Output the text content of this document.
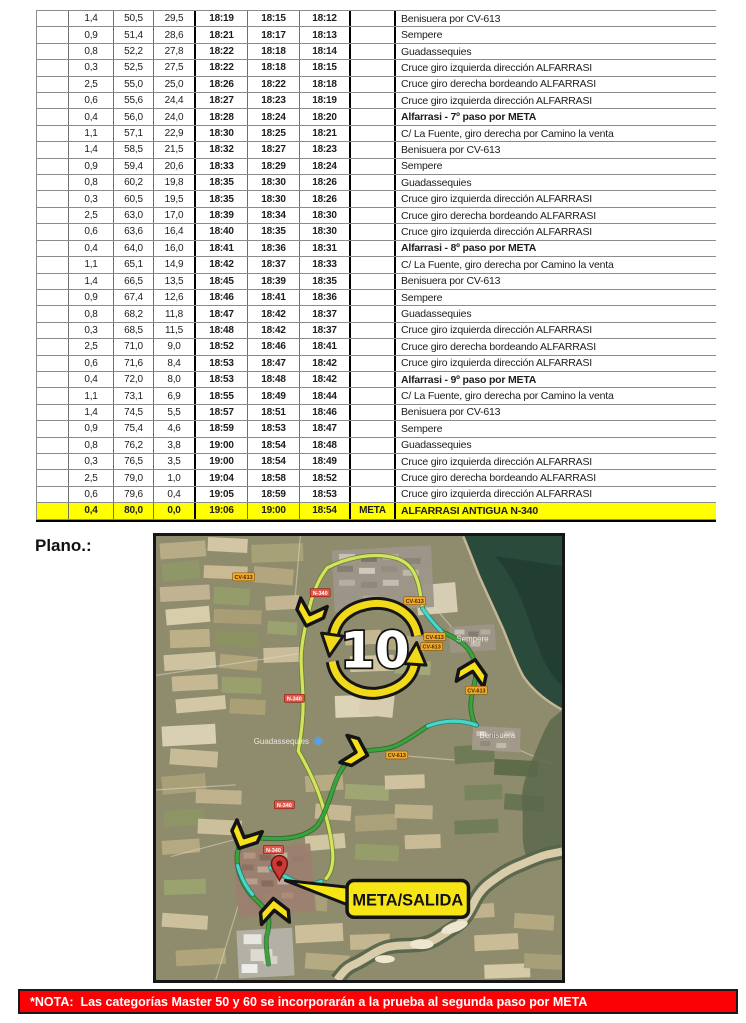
1,4	50,5	29,5	18:19	18:15	18:12	Benisuera por CV-613
0,9	51,4	28,6	18:21	18:17	18:13	Sempere
0,8	52,2	27,8	18:22	18:18	18:14	Guadassequies
0,3	52,5	27,5	18:22	18:18	18:15	Cruce giro izquierda dirección ALFARRASI
2,5	55,0	25,0	18:26	18:22	18:18	Cruce giro derecha bordeando ALFARRASI
0,6	55,6	24,4	18:27	18:23	18:19	Cruce giro izquierda dirección ALFARRASI
0,4	56,0	24,0	18:28	18:24	18:20	Alfarrasi - 7º paso por META
1,1	57,1	22,9	18:30	18:25	18:21	C/ La Fuente, giro derecha por Camino la venta
1,4	58,5	21,5	18:32	18:27	18:23	Benisuera por CV-613
0,9	59,4	20,6	18:33	18:29	18:24	Sempere
0,8	60,2	19,8	18:35	18:30	18:26	Guadassequies
0,3	60,5	19,5	18:35	18:30	18:26	Cruce giro izquierda dirección ALFARRASI
2,5	63,0	17,0	18:39	18:34	18:30	Cruce giro derecha bordeando ALFARRASI
0,6	63,6	16,4	18:40	18:35	18:30	Cruce giro izquierda dirección ALFARRASI
0,4	64,0	16,0	18:41	18:36	18:31	Alfarrasi - 8º paso por META
1,1	65,1	14,9	18:42	18:37	18:33	C/ La Fuente, giro derecha por Camino la venta
1,4	66,5	13,5	18:45	18:39	18:35	Benisuera por CV-613
0,9	67,4	12,6	18:46	18:41	18:36	Sempere
0,8	68,2	11,8	18:47	18:42	18:37	Guadassequies
0,3	68,5	11,5	18:48	18:42	18:37	Cruce giro izquierda dirección ALFARRASI
2,5	71,0	9,0	18:52	18:46	18:41	Cruce giro derecha bordeando ALFARRASI
0,6	71,6	8,4	18:53	18:47	18:42	Cruce giro izquierda dirección ALFARRASI
0,4	72,0	8,0	18:53	18:48	18:42	Alfarrasi - 9º paso por META
1,1	73,1	6,9	18:55	18:49	18:44	C/ La Fuente, giro derecha por Camino la venta
1,4	74,5	5,5	18:57	18:51	18:46	Benisuera por CV-613
0,9	75,4	4,6	18:59	18:53	18:47	Sempere
0,8	76,2	3,8	19:00	18:54	18:48	Guadassequies
0,3	76,5	3,5	19:00	18:54	18:49	Cruce giro izquierda dirección ALFARRASI
2,5	79,0	1,0	19:04	18:58	18:52	Cruce giro derecha bordeando ALFARRASI
0,6	79,6	0,4	19:05	18:59	18:53	Cruce giro izquierda dirección ALFARRASI
0,4	80,0	0,0	19:06	19:00	18:54	META	ALFARRASI ANTIGUA N-340
Plano.:
10
CV-613
CV-613
CV-613
CV-613
CV-613
CV-613
N-340
N-340
N-340
N-340
Sempere
Benisuera
Guadassequies
META/SALIDA
*NOTA:  Las categorías Master 50 y 60 se incorporarán a la prueba al segunda paso por META
